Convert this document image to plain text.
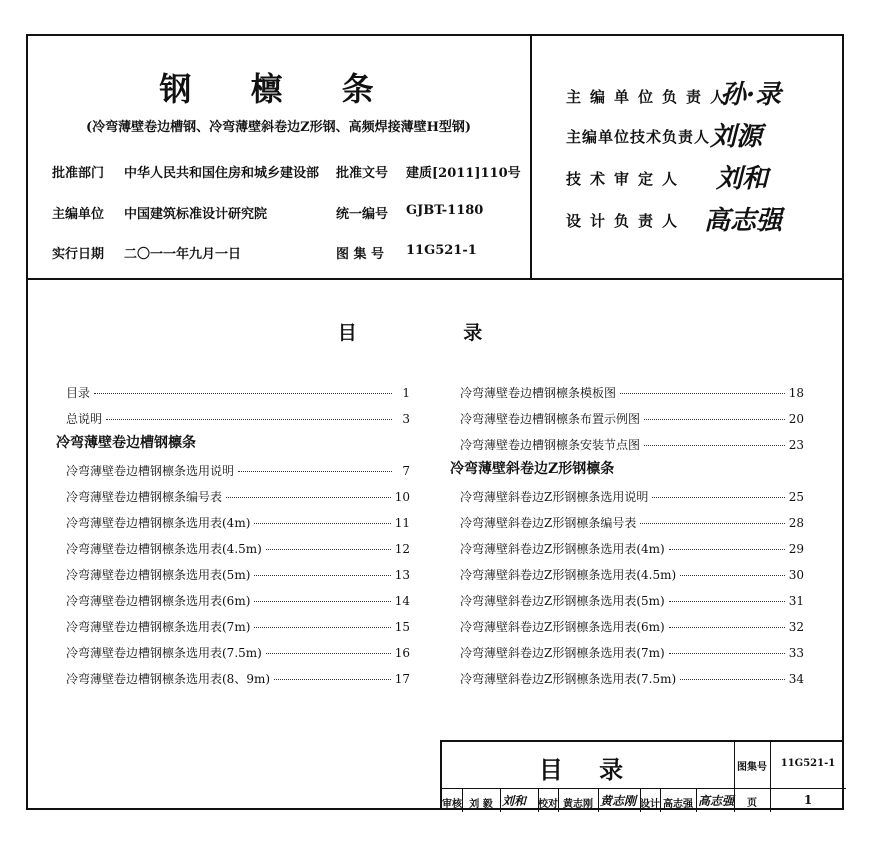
钢 檩 条
(冷弯薄壁卷边槽钢、冷弯薄壁斜卷边Z形钢、高频焊接薄壁H型钢)
批准部门 中华人民共和国住房和城乡建设部 批准文号 建质[2011]110号
主编单位 中国建筑标准设计研究院	统一编号 GJBT-1180
实行日期 二〇一一年九月一日	图 集 号 11G521-1
主编单位负责人
孙·录
主编单位技术负责人 刘源
技术审定人 刘和
设计负责人 高志强
目 录
目录	1
总说明	3
冷弯薄壁卷边槽钢檩条
冷弯薄壁卷边槽钢檩条选用说明	7
冷弯薄壁卷边槽钢檩条编号表	10
冷弯薄壁卷边槽钢檩条选用表(4m)	11
冷弯薄壁卷边槽钢檩条选用表(4.5m)	12
冷弯薄壁卷边槽钢檩条选用表(5m)	13
冷弯薄壁卷边槽钢檩条选用表(6m)	14
冷弯薄壁卷边槽钢檩条选用表(7m)	15
冷弯薄壁卷边槽钢檩条选用表(7.5m)	16
冷弯薄壁卷边槽钢檩条选用表(8、9m)	17
冷弯薄壁卷边槽钢檩条模板图	18
冷弯薄壁卷边槽钢檩条布置示例图	20
冷弯薄壁卷边槽钢檩条安装节点图	23
冷弯薄壁斜卷边Z形钢檩条
冷弯薄壁斜卷边Z形钢檩条选用说明	25
冷弯薄壁斜卷边Z形钢檩条编号表	28
冷弯薄壁斜卷边Z形钢檩条选用表(4m)	29
冷弯薄壁斜卷边Z形钢檩条选用表(4.5m)	30
冷弯薄壁斜卷边Z形钢檩条选用表(5m)	31
冷弯薄壁斜卷边Z形钢檩条选用表(6m)	32
冷弯薄壁斜卷边Z形钢檩条选用表(7m)	33
冷弯薄壁斜卷边Z形钢檩条选用表(7.5m)	34
目 录	图集号	11G521-1
页	1
审核 刘 毅 刘和 校对 黄志刚 黄志刚 设计 高志强 高志强
